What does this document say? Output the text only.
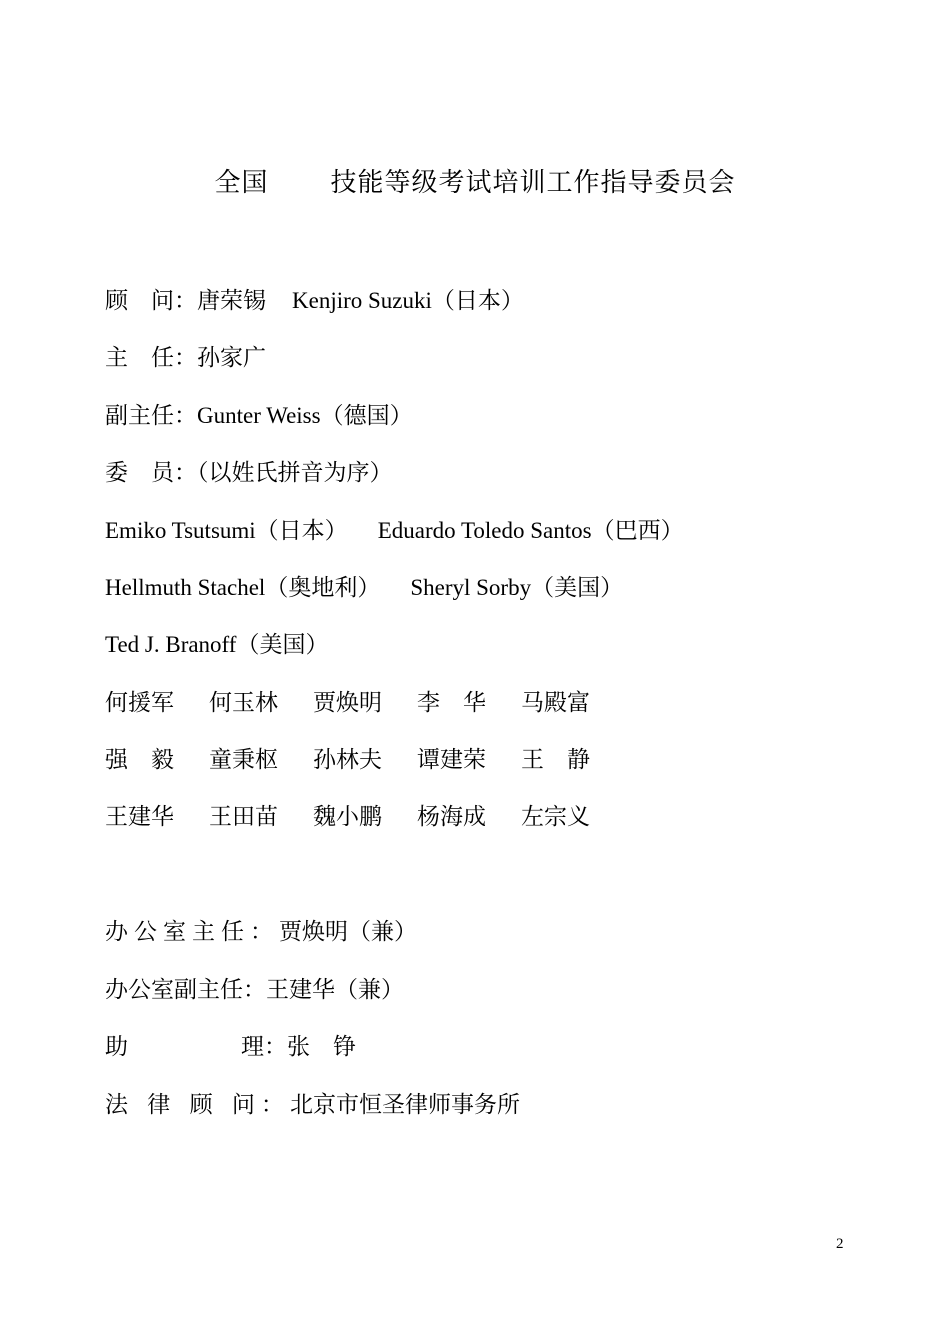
全国 技能等级考试培训工作指导委员会
顾　问：唐荣锡 Kenjiro Suzuki（日本）
主　任：孙家广
副主任：Gunter Weiss（德国）
委　员：（以姓氏拼音为序）
Emiko Tsutsumi（日本） Eduardo Toledo Santos（巴西）
Hellmuth Stachel（奥地利） Sheryl Sorby（美国）
Ted J. Branoff（美国）
何援军	何玉林	贾焕明	李　华	马殿富
强　毅	童秉枢	孙林夫	谭建荣	王　静
王建华	王田苗	魏小鹏	杨海成	左宗义
办公室主任：贾焕明（兼）
办公室副主任：王建华（兼）
助	理：张　铮
法 律 顾 问：北京市恒圣律师事务所
2
